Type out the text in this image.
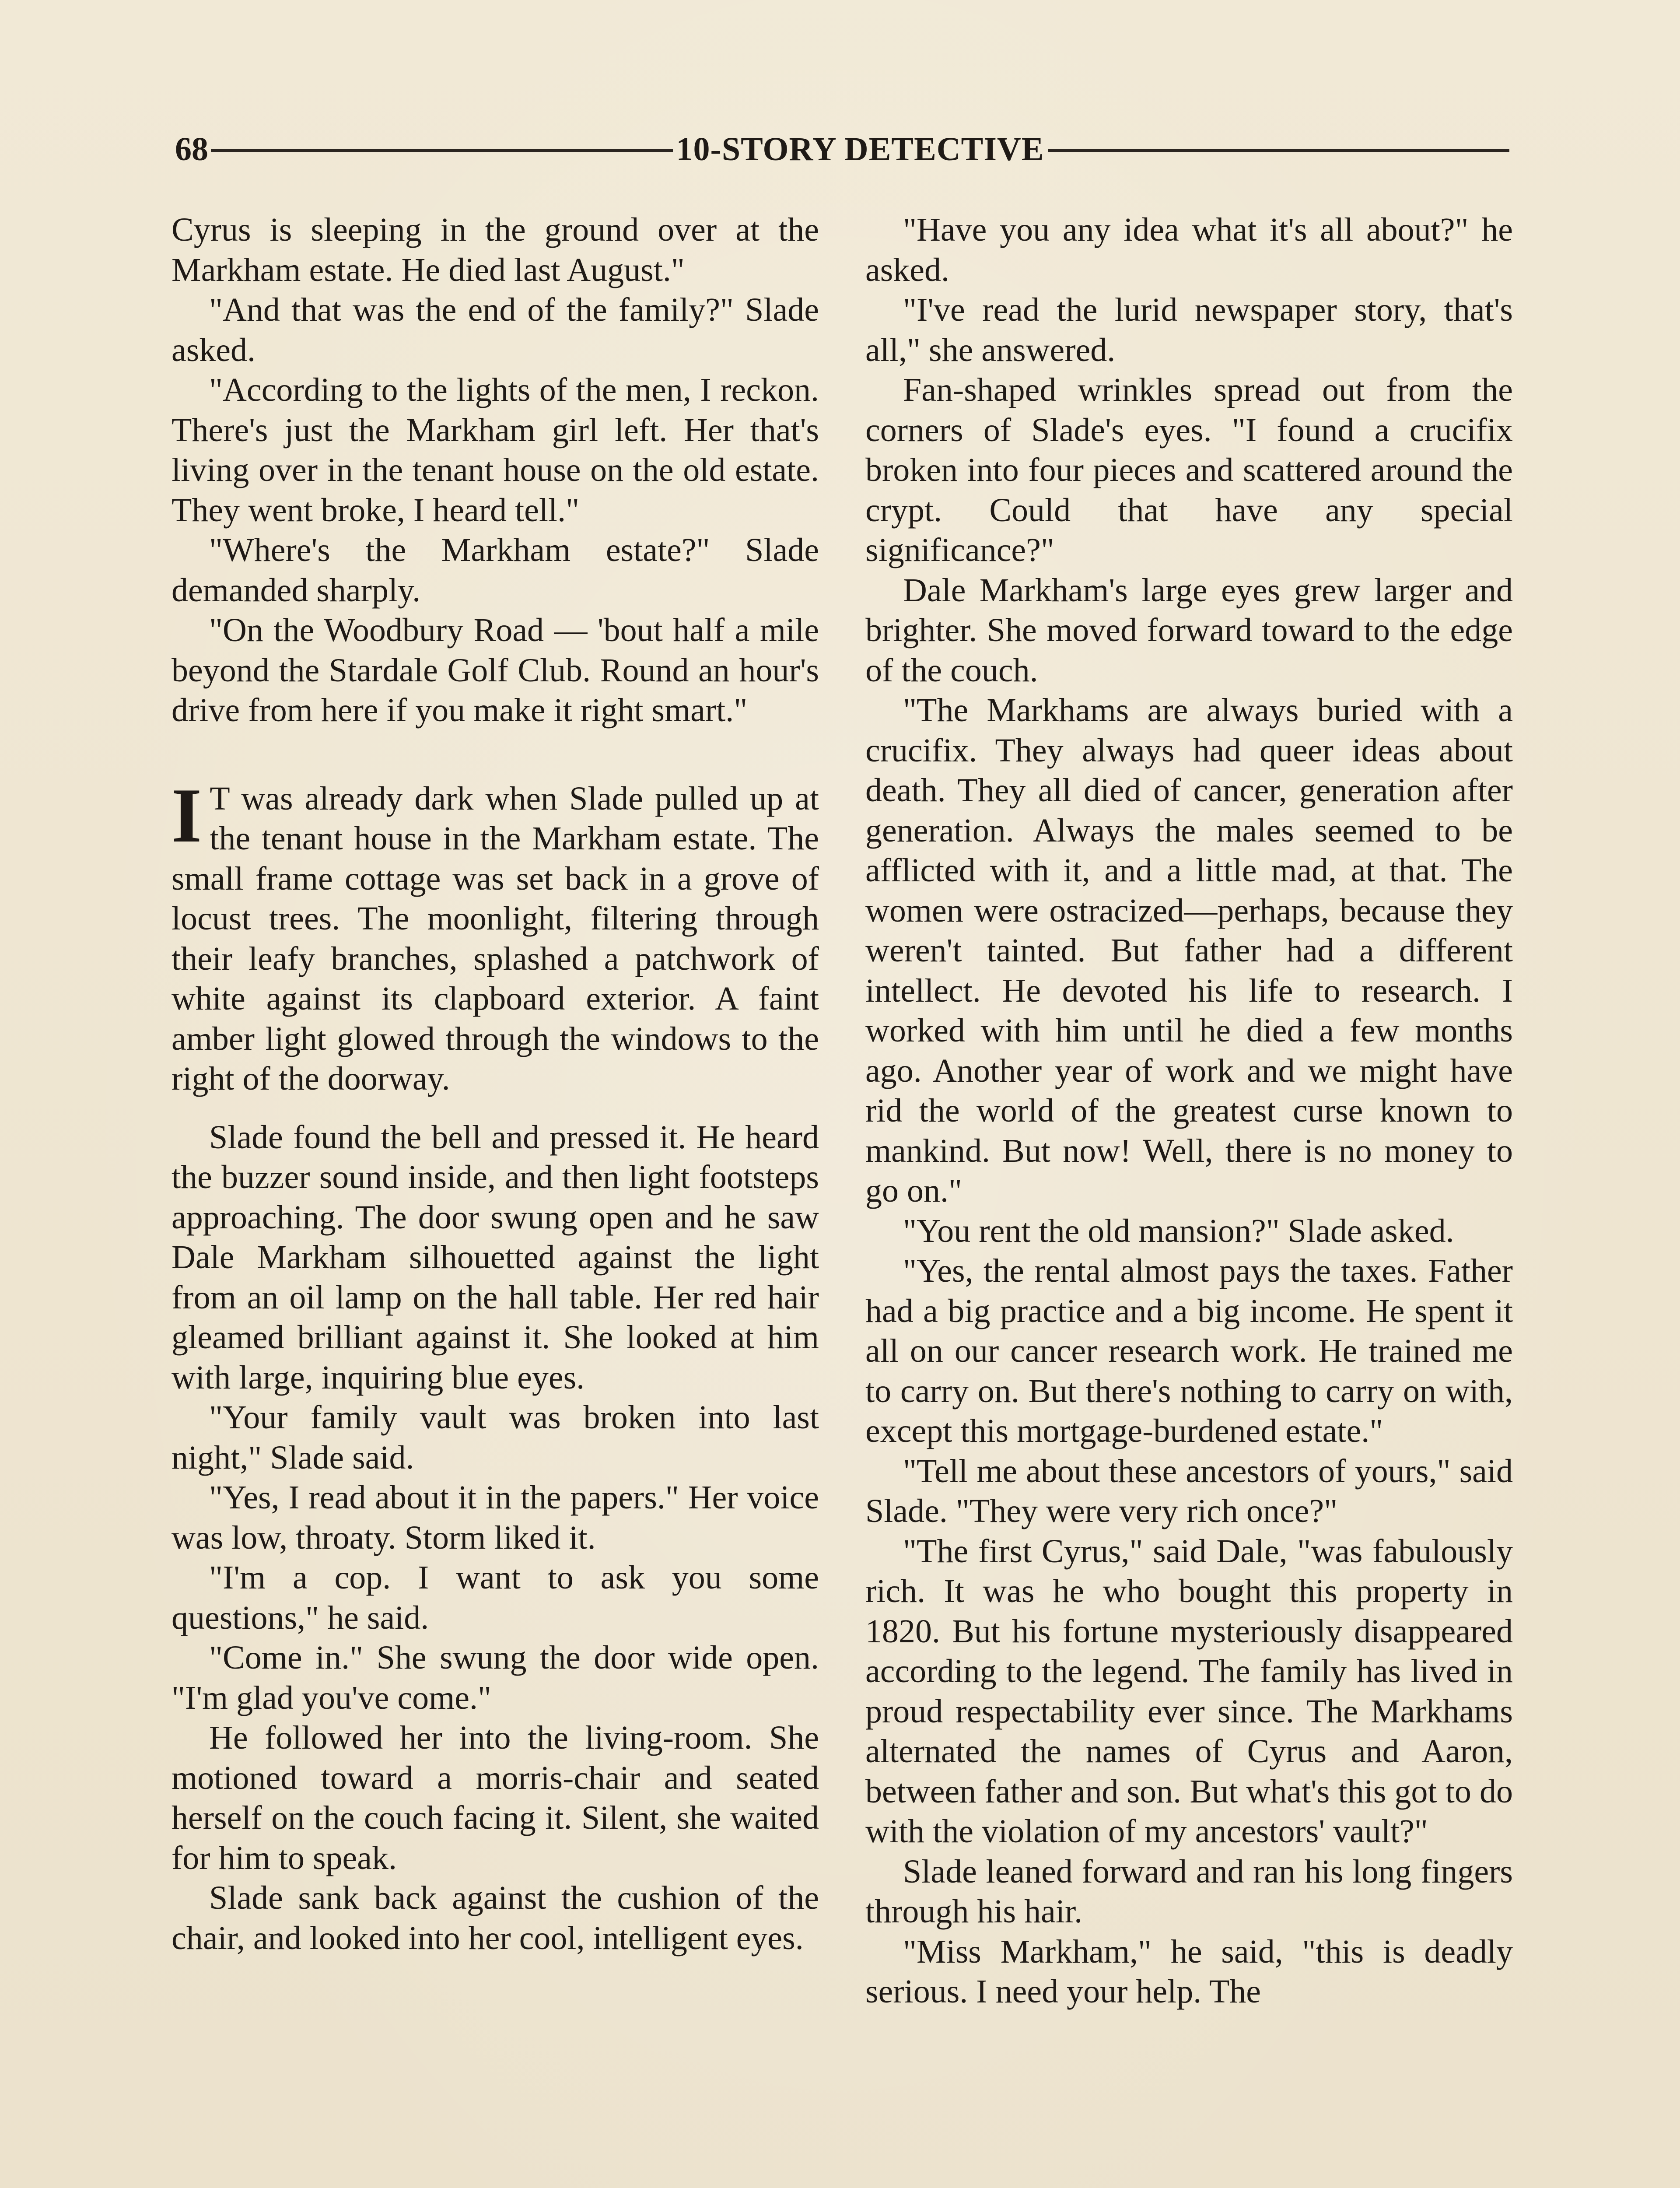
68	10-STORY DETECTIVE

Cyrus is sleeping in the ground over at the Markham estate. He died last August."

"And that was the end of the family?" Slade asked.

"According to the lights of the men, I reckon. There's just the Markham girl left. Her that's living over in the tenant house on the old estate. They went broke, I heard tell."

"Where's the Markham estate?" Slade demanded sharply.

"On the Woodbury Road — 'bout half a mile beyond the Stardale Golf Club. Round an hour's drive from here if you make it right smart."

I T was already dark when Slade pulled up at the tenant house in the Markham estate. The small frame cottage was set back in a grove of locust trees. The moonlight, filtering through their leafy branches, splashed a patchwork of white against its clapboard exterior. A faint amber light glowed through the windows to the right of the doorway.

Slade found the bell and pressed it. He heard the buzzer sound inside, and then light footsteps approaching. The door swung open and he saw Dale Markham silhouetted against the light from an oil lamp on the hall table. Her red hair gleamed brilliant against it. She looked at him with large, inquiring blue eyes.

"Your family vault was broken into last night," Slade said.

"Yes, I read about it in the papers." Her voice was low, throaty. Storm liked it.

"I'm a cop. I want to ask you some questions," he said.

"Come in." She swung the door wide open. "I'm glad you've come."

He followed her into the living-room. She motioned toward a morris-chair and seated herself on the couch facing it. Silent, she waited for him to speak.

Slade sank back against the cushion of the chair, and looked into her cool, intelligent eyes.

"Have you any idea what it's all about?" he asked.

"I've read the lurid newspaper story, that's all," she answered.

Fan-shaped wrinkles spread out from the corners of Slade's eyes. "I found a crucifix broken into four pieces and scattered around the crypt. Could that have any special significance?"

Dale Markham's large eyes grew larger and brighter. She moved forward toward to the edge of the couch.

"The Markhams are always buried with a crucifix. They always had queer ideas about death. They all died of cancer, generation after generation. Always the males seemed to be afflicted with it, and a little mad, at that. The women were ostracized—perhaps, because they weren't tainted. But father had a different intellect. He devoted his life to research. I worked with him until he died a few months ago. Another year of work and we might have rid the world of the greatest curse known to mankind. But now! Well, there is no money to go on."

"You rent the old mansion?" Slade asked.

"Yes, the rental almost pays the taxes. Father had a big practice and a big income. He spent it all on our cancer research work. He trained me to carry on. But there's nothing to carry on with, except this mortgage-burdened estate."

"Tell me about these ancestors of yours," said Slade. "They were very rich once?"

"The first Cyrus," said Dale, "was fabulously rich. It was he who bought this property in 1820. But his fortune mysteriously disappeared according to the legend. The family has lived in proud respectability ever since. The Markhams alternated the names of Cyrus and Aaron, between father and son. But what's this got to do with the violation of my ancestors' vault?"

Slade leaned forward and ran his long fingers through his hair.

"Miss Markham," he said, "this is deadly serious. I need your help. The
